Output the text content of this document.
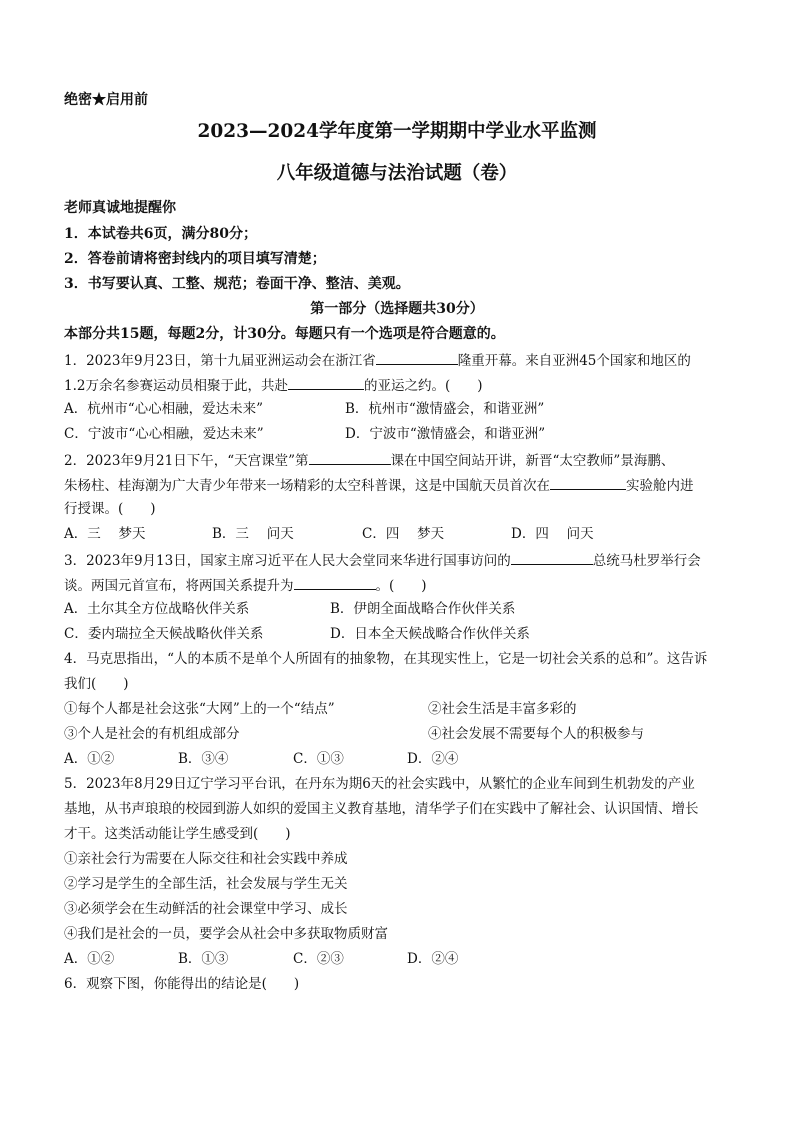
绝密★启用前
2023—2024学年度第一学期期中学业水平监测
八年级道德与法治试题（卷）
老师真诚地提醒你
1．本试卷共6页，满分80分；
2．答卷前请将密封线内的项目填写清楚；
3．书写要认真、工整、规范；卷面干净、整洁、美观。
第一部分（选择题共30分）
本部分共15题，每题2分，计30分。每题只有一个选项是符合题意的。
1．2023年9月23日，第十九届亚洲运动会在浙江省	隆重开幕。来自亚洲45个国家和地区的
1.2万余名参赛运动员相聚于此，共赴	的亚运之约。(　　)
A．杭州市“心心相融，爱达未来”	B．杭州市“激情盛会，和谐亚洲”
C．宁波市“心心相融，爱达未来”	D．宁波市“激情盛会，和谐亚洲”
2．2023年9月21日下午，“天宫课堂”第	课在中国空间站开讲，新晋“太空教师”景海鹏、
朱杨柱、桂海潮为广大青少年带来一场精彩的太空科普课，这是中国航天员首次在	实验舱内进
行授课。(　　)
A．三　 梦天	B．三　 问天	C．四　 梦天	D．四　 问天
3．2023年9月13日，国家主席习近平在人民大会堂同来华进行国事访问的	总统马杜罗举行会
谈。两国元首宣布，将两国关系提升为	。(　　)
A．土尔其全方位战略伙伴关系	B．伊朗全面战略合作伙伴关系
C．委内瑞拉全天候战略伙伴关系	D．日本全天候战略合作伙伴关系
4．马克思指出，“人的本质不是单个人所固有的抽象物，在其现实性上，它是一切社会关系的总和”。这告诉
我们(　　)
①每个人都是社会这张“大网”上的一个“结点”	②社会生活是丰富多彩的
③个人是社会的有机组成部分	④社会发展不需要每个人的积极参与
A．①②	B．③④	C．①③	D．②④
5．2023年8月29日辽宁学习平台讯，在丹东为期6天的社会实践中，从繁忙的企业车间到生机勃发的产业
基地，从书声琅琅的校园到游人如织的爱国主义教育基地，清华学子们在实践中了解社会、认识国情、增长
才干。这类活动能让学生感受到(　　)
①亲社会行为需要在人际交往和社会实践中养成
②学习是学生的全部生活，社会发展与学生无关
③必须学会在生动鲜活的社会课堂中学习、成长
④我们是社会的一员，要学会从社会中多获取物质财富
A．①②	B．①③	C．②③	D．②④
6．观察下图，你能得出的结论是(　　)
